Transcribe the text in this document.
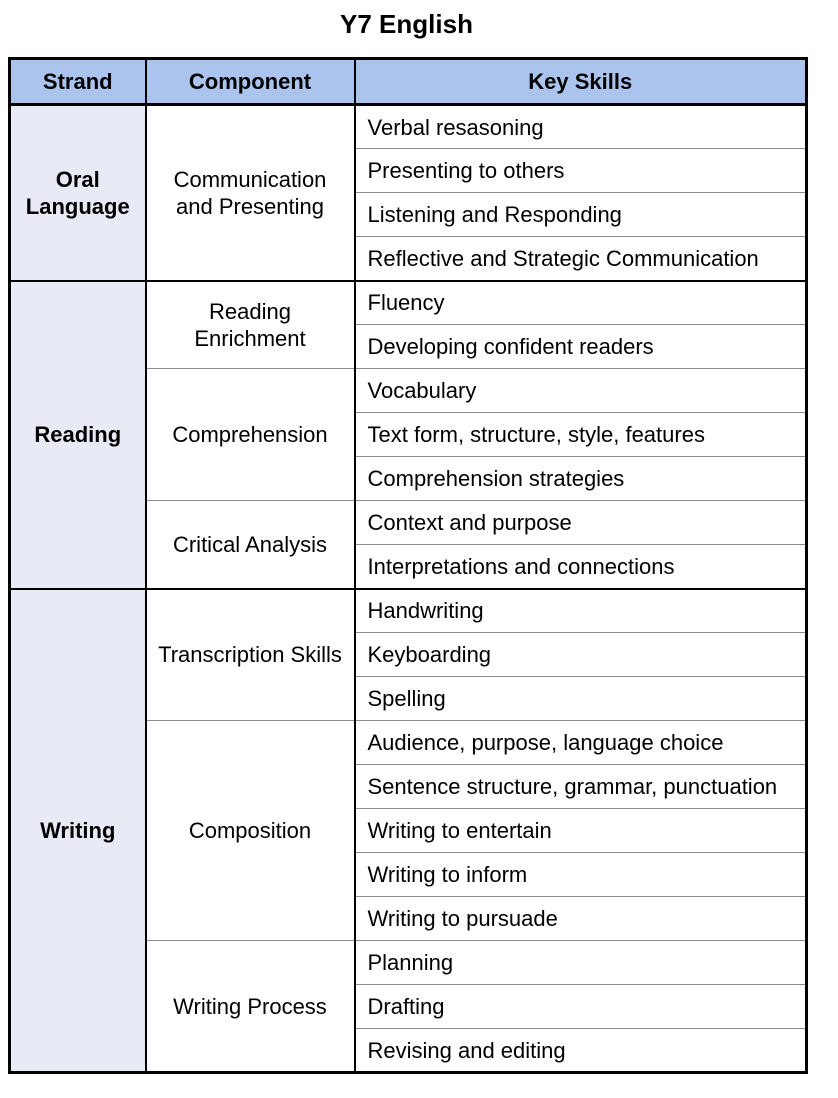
Y7 English
Strand	Component	Key Skills
Oral Language	Communication and Presenting	Verbal resasoning
		Presenting to others
		Listening and Responding
		Reflective and Strategic Communication
Reading	Reading Enrichment	Fluency
		Developing confident readers
	Comprehension	Vocabulary
		Text form, structure, style, features
		Comprehension strategies
	Critical Analysis	Context and purpose
		Interpretations and connections
Writing	Transcription Skills	Handwriting
		Keyboarding
		Spelling
	Composition	Audience, purpose, language choice
		Sentence structure, grammar, punctuation
		Writing to entertain
		Writing to inform
		Writing to pursuade
	Writing Process	Planning
		Drafting
		Revising and editing
